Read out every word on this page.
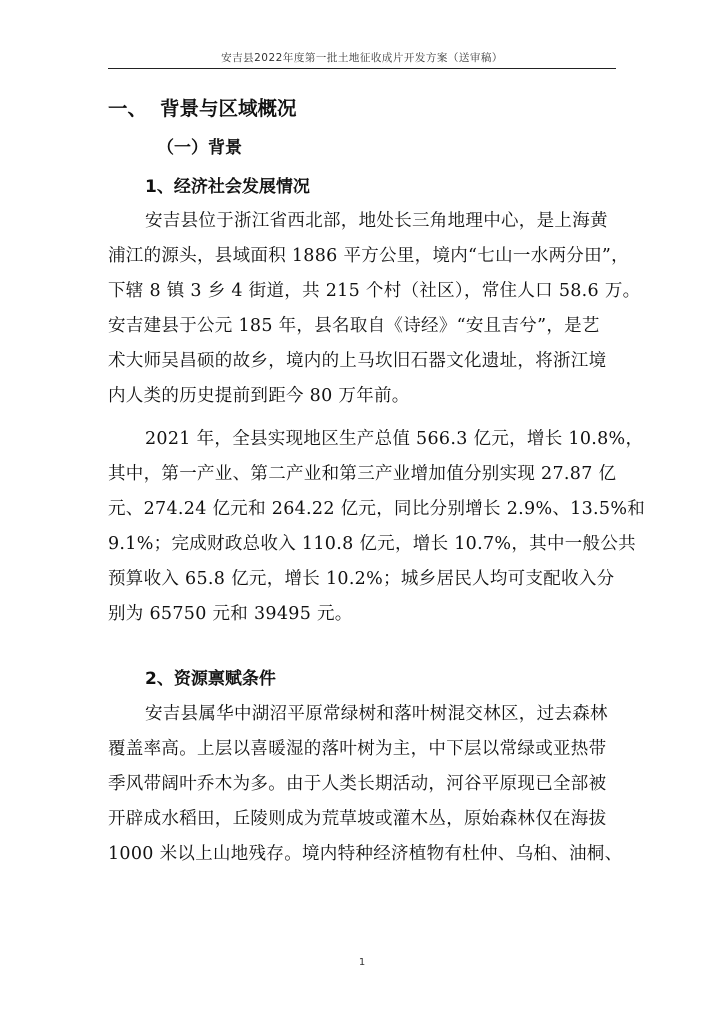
安吉县2022年度第一批土地征收成片开发方案（送审稿）
一、 背景与区域概况
（一）背景
1、经济社会发展情况
安吉县位于浙江省西北部，地处长三角地理中心，是上海黄
浦江的源头，县域面积 1886 平方公里，境内“七山一水两分田”，
下辖 8 镇 3 乡 4 街道，共 215 个村（社区），常住人口 58.6 万。
安吉建县于公元 185 年，县名取自《诗经》“安且吉兮”，是艺
术大师吴昌硕的故乡，境内的上马坎旧石器文化遗址，将浙江境
内人类的历史提前到距今 80 万年前。
2021 年，全县实现地区生产总值 566.3 亿元，增长 10.8%，
其中，第一产业、第二产业和第三产业增加值分别实现 27.87 亿
元、274.24 亿元和 264.22 亿元，同比分别增长 2.9%、13.5%和
9.1%；完成财政总收入 110.8 亿元，增长 10.7%，其中一般公共
预算收入 65.8 亿元，增长 10.2%；城乡居民人均可支配收入分
别为 65750 元和 39495 元。
2、资源禀赋条件
安吉县属华中湖沼平原常绿树和落叶树混交林区，过去森林
覆盖率高。上层以喜暖湿的落叶树为主，中下层以常绿或亚热带
季风带阔叶乔木为多。由于人类长期活动，河谷平原现已全部被
开辟成水稻田，丘陵则成为荒草坡或灌木丛，原始森林仅在海拔
1000 米以上山地残存。境内特种经济植物有杜仲、乌桕、油桐、
1
